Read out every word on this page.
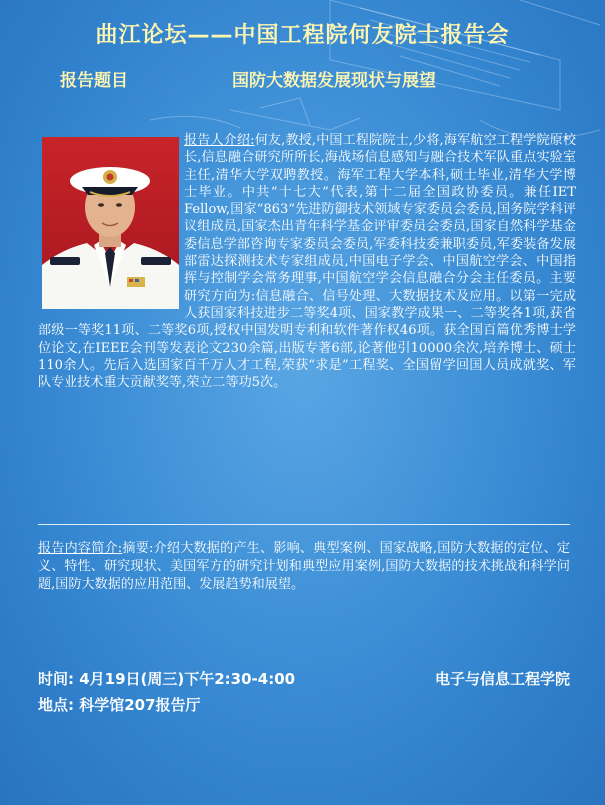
曲江论坛——中国工程院何友院士报告会
报告题目	国防大数据发展现状与展望
报告人介绍:何友,教授,中国工程院院士,少将,海军航空工程学院原校长,信息融合研究所所长,海战场信息感知与融合技术军队重点实验室主任,清华大学双聘教授。海军工程大学本科,硕士毕业,清华大学博士毕业。中共“十七大”代表,第十二届全国政协委员。兼任IET Fellow,国家“863”先进防御技术领域专家委员会委员,国务院学科评议组成员,国家杰出青年科学基金评审委员会委员,国家自然科学基金委信息学部咨询专家委员会委员,军委科技委兼职委员,军委装备发展部雷达探测技术专家组成员,中国电子学会、中国航空学会、中国指挥与控制学会常务理事,中国航空学会信息融合分会主任委员。主要研究方向为:信息融合、信号处理、大数据技术及应用。以第一完成人获国家科技进步二等奖4项、国家教学成果一、二等奖各1项,获省部级一等奖11项、二等奖6项,授权中国发明专利和软件著作权46项。获全国百篇优秀博士学位论文,在IEEE会刊等发表论文230余篇,出版专著6部,论著他引10000余次,培养博士、硕士110余人。先后入选国家百千万人才工程,荣获“求是”工程奖、全国留学回国人员成就奖、军队专业技术重大贡献奖等,荣立二等功5次。
报告内容简介:摘要:介绍大数据的产生、影响、典型案例、国家战略,国防大数据的定位、定义、特性、研究现状、美国军方的研究计划和典型应用案例,国防大数据的技术挑战和科学问题,国防大数据的应用范围、发展趋势和展望。
时间: 4月19日(周三)下午2:30-4:00	电子与信息工程学院
地点: 科学馆207报告厅
